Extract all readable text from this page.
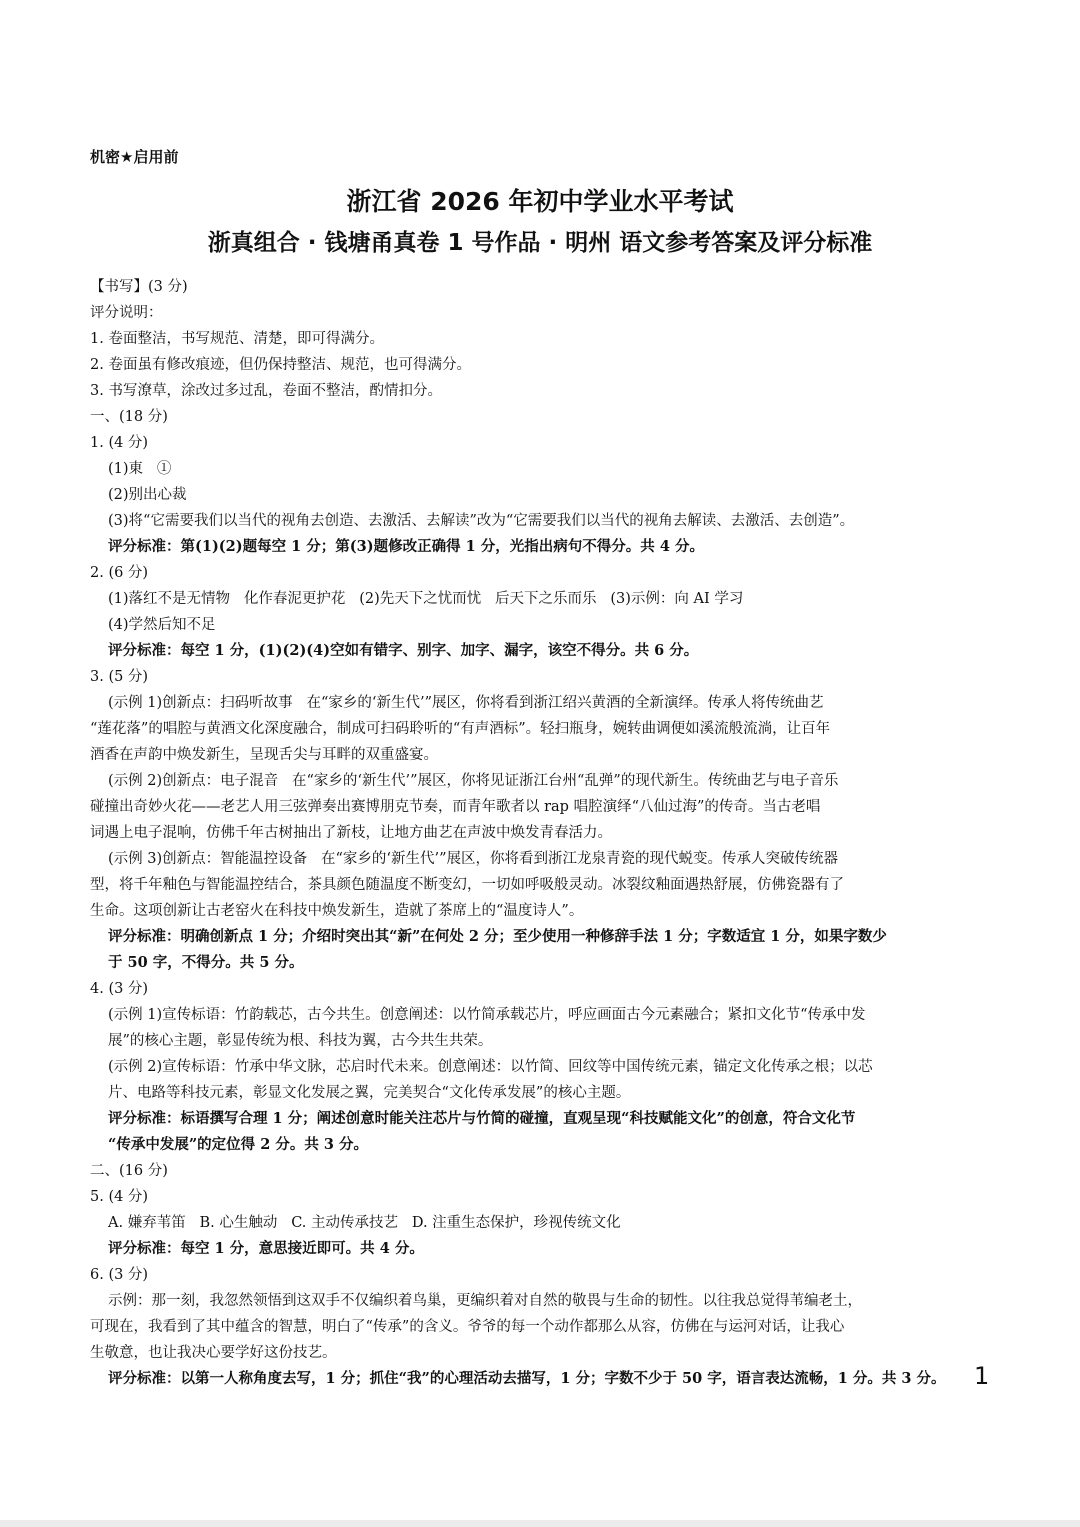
机密★启用前
浙江省 2026 年初中学业水平考试
浙真组合 · 钱塘甬真卷 1 号作品 · 明州 语文参考答案及评分标准

【书写】(3 分)

评分说明：

1. 卷面整洁，书写规范、清楚，即可得满分。

2. 卷面虽有修改痕迹，但仍保持整洁、规范，也可得满分。

3. 书写潦草，涂改过多过乱，卷面不整洁，酌情扣分。

一、(18 分)

1. (4 分)

(1)東   ①

(2)别出心裁

(3)将“它需要我们以当代的视角去创造、去激活、去解读”改为“它需要我们以当代的视角去解读、去激活、去创造”。

评分标准：第(1)(2)题每空 1 分；第(3)题修改正确得 1 分，光指出病句不得分。共 4 分。

2. (6 分)

(1)落红不是无情物   化作春泥更护花   (2)先天下之忧而忧   后天下之乐而乐   (3)示例：向 AI 学习

(4)学然后知不足

评分标准：每空 1 分，(1)(2)(4)空如有错字、别字、加字、漏字，该空不得分。共 6 分。

3. (5 分)

(示例 1)创新点：扫码听故事   在“家乡的‘新生代’”展区，你将看到浙江绍兴黄酒的全新演绎。传承人将传统曲艺

“莲花落”的唱腔与黄酒文化深度融合，制成可扫码聆听的“有声酒标”。轻扫瓶身，婉转曲调便如溪流般流淌，让百年

酒香在声韵中焕发新生，呈现舌尖与耳畔的双重盛宴。

(示例 2)创新点：电子混音   在“家乡的‘新生代’”展区，你将见证浙江台州“乱弹”的现代新生。传统曲艺与电子音乐

碰撞出奇妙火花——老艺人用三弦弹奏出赛博朋克节奏，而青年歌者以 rap 唱腔演绎“八仙过海”的传奇。当古老唱

词遇上电子混响，仿佛千年古树抽出了新枝，让地方曲艺在声波中焕发青春活力。

(示例 3)创新点：智能温控设备   在“家乡的‘新生代’”展区，你将看到浙江龙泉青瓷的现代蜕变。传承人突破传统器

型，将千年釉色与智能温控结合，茶具颜色随温度不断变幻，一切如呼吸般灵动。冰裂纹釉面遇热舒展，仿佛瓷器有了

生命。这项创新让古老窑火在科技中焕发新生，造就了茶席上的“温度诗人”。

评分标准：明确创新点 1 分；介绍时突出其“新”在何处 2 分；至少使用一种修辞手法 1 分；字数适宜 1 分，如果字数少

于 50 字，不得分。共 5 分。

4. (3 分)

(示例 1)宣传标语：竹韵载芯，古今共生。创意阐述：以竹简承载芯片，呼应画面古今元素融合；紧扣文化节“传承中发

展”的核心主题，彰显传统为根、科技为翼，古今共生共荣。

(示例 2)宣传标语：竹承中华文脉，芯启时代未来。创意阐述：以竹简、回纹等中国传统元素，锚定文化传承之根；以芯

片、电路等科技元素，彰显文化发展之翼，完美契合“文化传承发展”的核心主题。

评分标准：标语撰写合理 1 分；阐述创意时能关注芯片与竹简的碰撞，直观呈现“科技赋能文化”的创意，符合文化节

“传承中发展”的定位得 2 分。共 3 分。

二、(16 分)

5. (4 分)

A. 嫌弃苇笛   B. 心生触动   C. 主动传承技艺   D. 注重生态保护，珍视传统文化

评分标准：每空 1 分，意思接近即可。共 4 分。

6. (3 分)

示例：那一刻，我忽然领悟到这双手不仅编织着鸟巢，更编织着对自然的敬畏与生命的韧性。以往我总觉得苇编老土，

可现在，我看到了其中蕴含的智慧，明白了“传承”的含义。爷爷的每一个动作都那么从容，仿佛在与运河对话，让我心

生敬意，也让我决心要学好这份技艺。

评分标准：以第一人称角度去写，1 分；抓住“我”的心理活动去描写，1 分；字数不少于 50 字，语言表达流畅，1 分。共 3 分。	1
